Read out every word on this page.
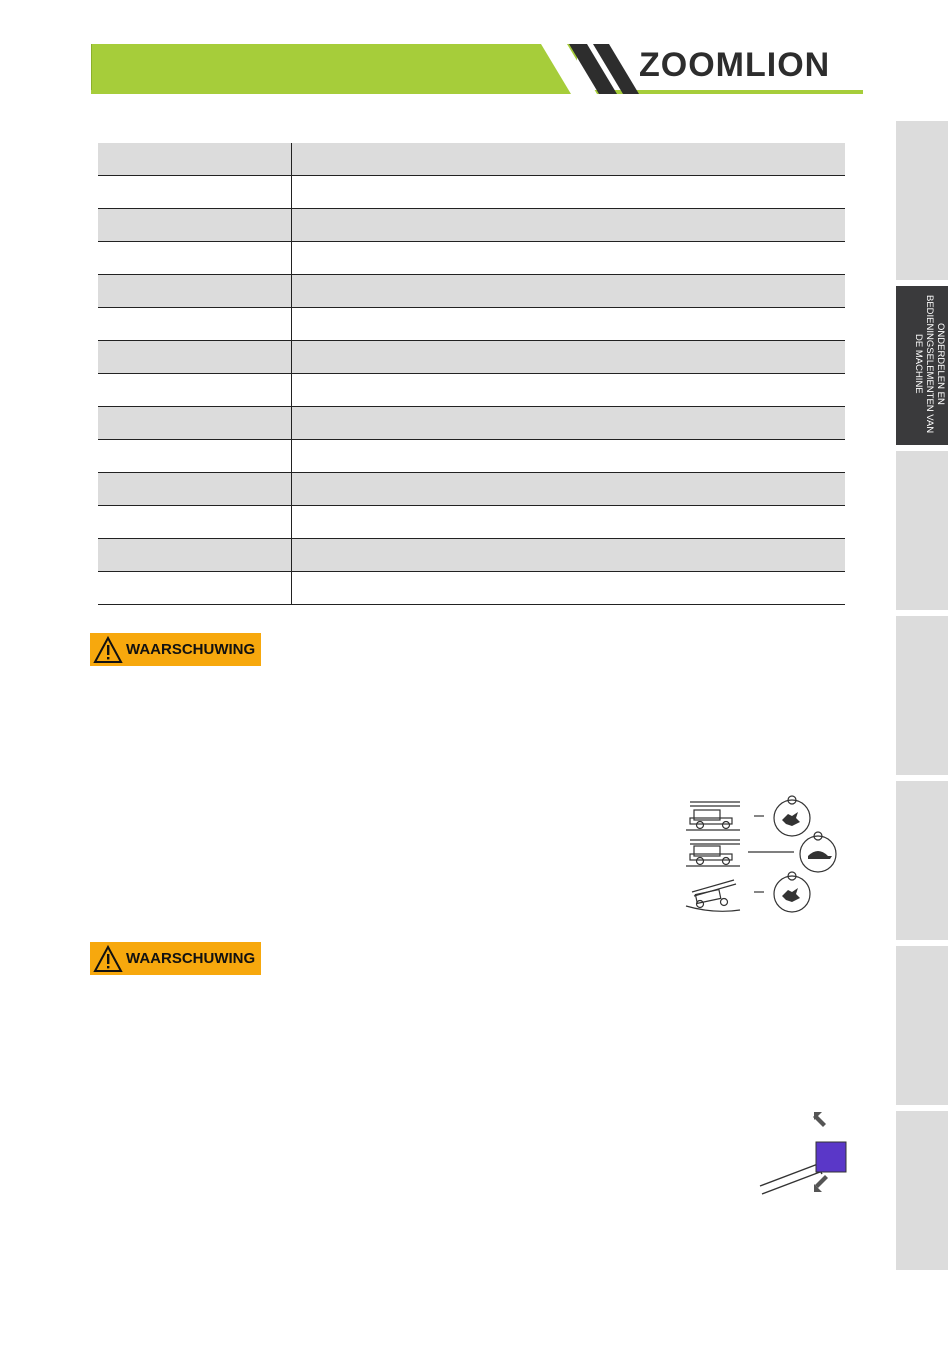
ZOOMLION

WAARSCHUWING
WAARSCHUWING
ONDERDELEN EN BEDIENINGSELEMENTEN VAN DE MACHINE
